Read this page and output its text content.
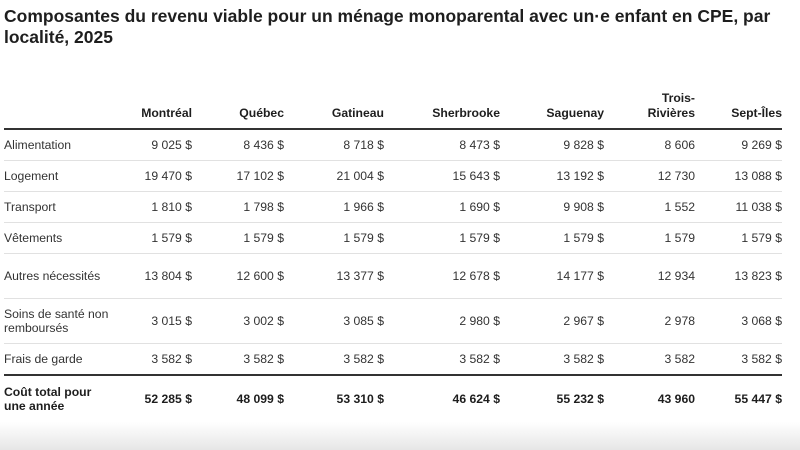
Composantes du revenu viable pour un ménage monoparental avec un·e enfant en CPE, par localité, 2025
	Montréal	Québec	Gatineau	Sherbrooke	Saguenay	Trois-Rivières	Sept-Îles
Alimentation	9 025 $	8 436 $	8 718 $	8 473 $	9 828 $	8 606	9 269 $
Logement	19 470 $	17 102 $	21 004 $	15 643 $	13 192 $	12 730	13 088 $
Transport	1 810 $	1 798 $	1 966 $	1 690 $	9 908 $	1 552	11 038 $
Vêtements	1 579 $	1 579 $	1 579 $	1 579 $	1 579 $	1 579	1 579 $
Autres nécessités	13 804 $	12 600 $	13 377 $	12 678 $	14 177 $	12 934	13 823 $
Soins de santé non remboursés	3 015 $	3 002 $	3 085 $	2 980 $	2 967 $	2 978	3 068 $
Frais de garde	3 582 $	3 582 $	3 582 $	3 582 $	3 582 $	3 582	3 582 $
Coût total pour une année	52 285 $	48 099 $	53 310 $	46 624 $	55 232 $	43 960	55 447 $
